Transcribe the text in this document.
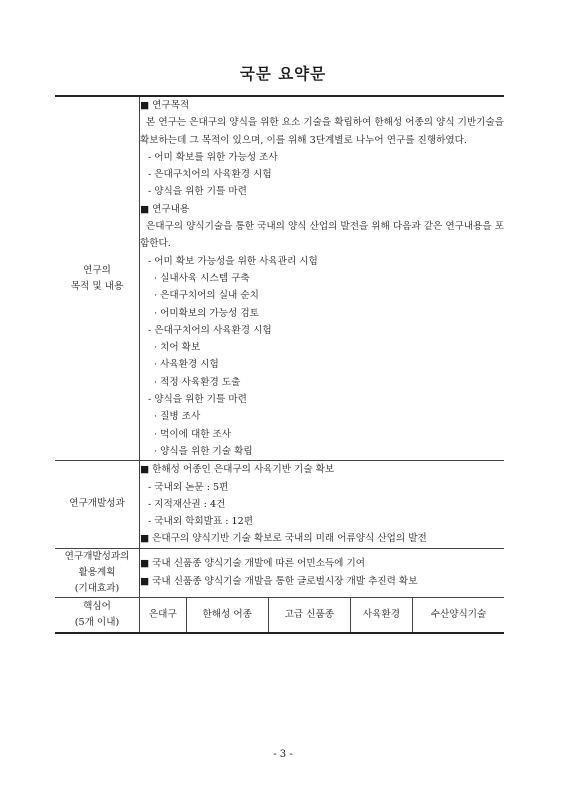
국문 요약문
연구의
목적 및 내용

■ 연구목적
본 연구는 은대구의 양식을 위한 요소 기술을 확립하여 한해성 어종의 양식 기반기술을 확보하는데 그 목적이 있으며, 이를 위해 3단계별로 나누어 연구를 진행하였다.
- 어미 확보를 위한 가능성 조사
- 은대구치어의 사육환경 시험
- 양식을 위한 기틀 마련
■ 연구내용
은대구의 양식기술을 통한 국내의 양식 산업의 발전을 위해 다음과 같은 연구내용을 포함한다.
- 어미 확보 가능성을 위한 사육관리 시험
· 실내사육 시스템 구축
· 은대구치어의 실내 순치
· 어미확보의 가능성 검토
- 은대구치어의 사육환경 시험
· 치어 확보
· 사육환경 시험
· 적정 사육환경 도출
- 양식을 위한 기틀 마련
· 질병 조사
· 먹이에 대한 조사
· 양식을 위한 기술 확립

연구개발성과

■ 한해성 어종인 은대구의 사육기반 기술 확보
- 국내외 논문 : 5편
- 지적재산권 : 4건
- 국내외 학회발표 : 12편
■ 은대구의 양식기반 기술 확보로 국내의 미래 어류양식 산업의 발전

연구개발성과의
활용계획
(기대효과)

■ 국내 신품종 양식기술 개발에 따른 어민소득에 기여
■ 국내 신품종 양식기술 개발을 통한 글로벌시장 개발 추진력 확보

핵심어
(5개 이내)

은대구	한해성 어종	고급 신품종	사육환경	수산양식기술
- 3 -
